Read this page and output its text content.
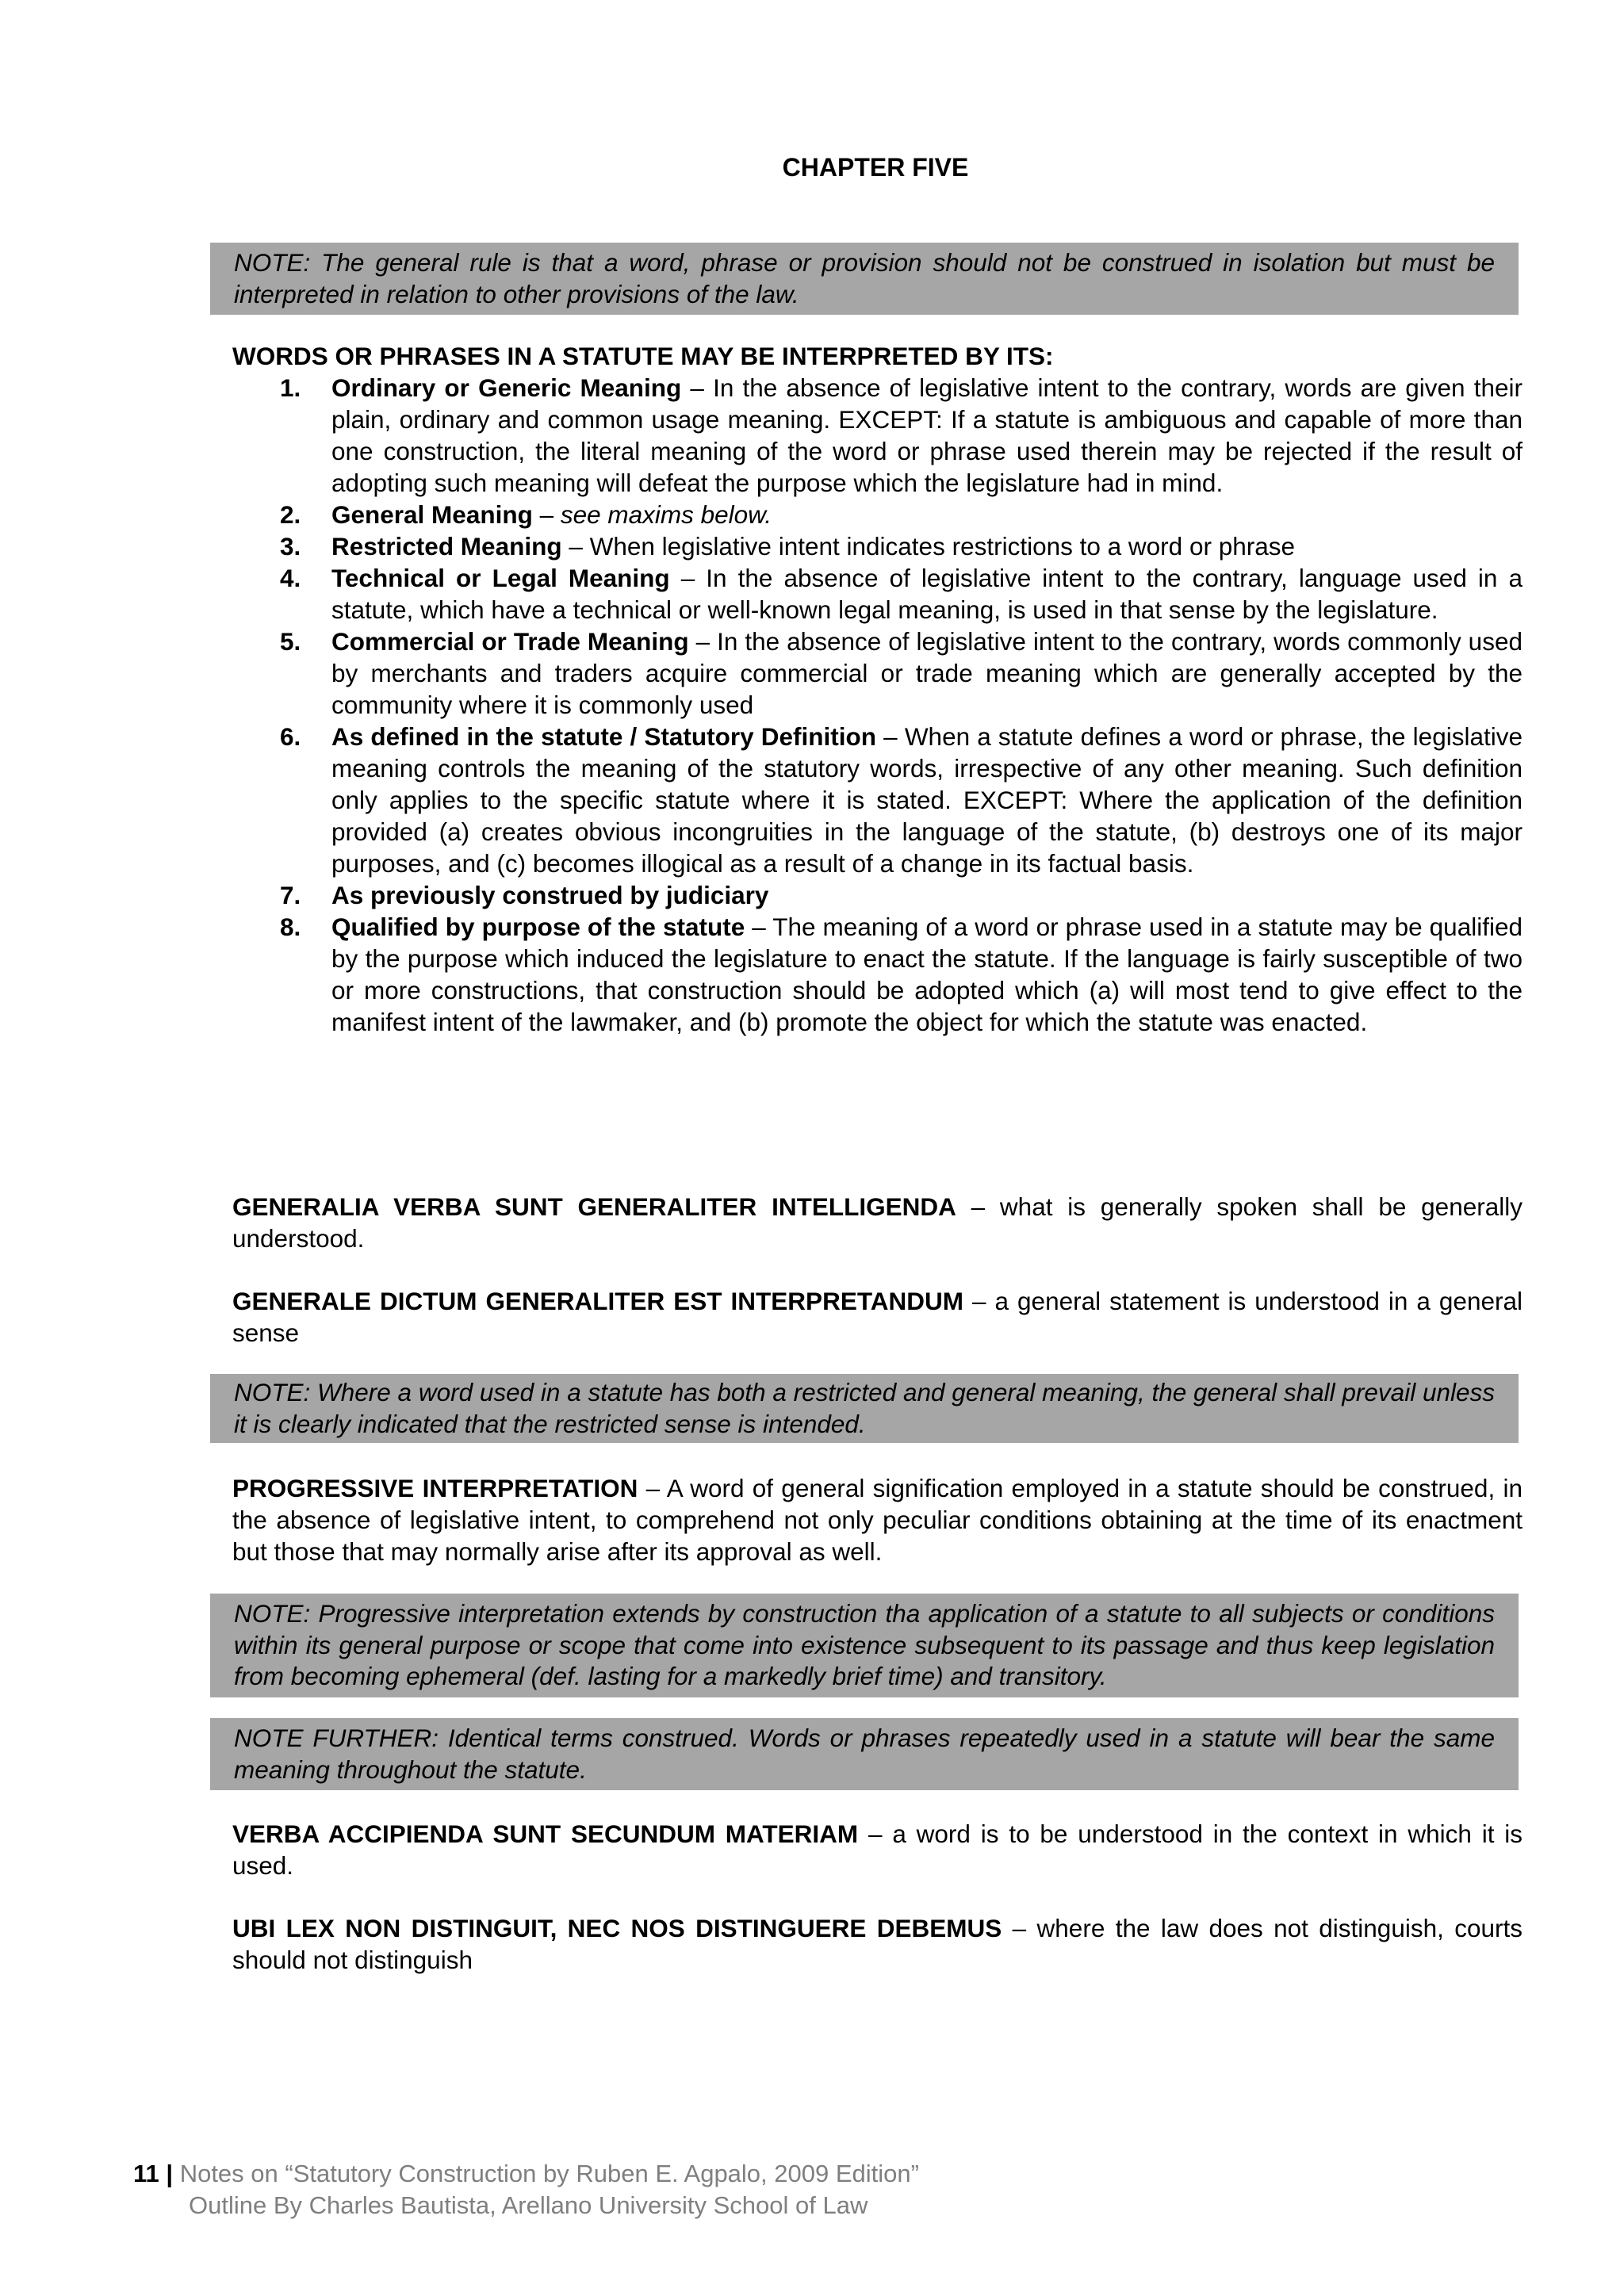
CHAPTER FIVE

NOTE: The general rule is that a word, phrase or provision should not be construed in isolation but must be interpreted in relation to other provisions of the law.

WORDS OR PHRASES IN A STATUTE MAY BE INTERPRETED BY ITS:
1. Ordinary or Generic Meaning – In the absence of legislative intent to the contrary, words are given their plain, ordinary and common usage meaning. EXCEPT: If a statute is ambiguous and capable of more than one construction, the literal meaning of the word or phrase used therein may be rejected if the result of adopting such meaning will defeat the purpose which the legislature had in mind.
2. General Meaning – see maxims below.
3. Restricted Meaning – When legislative intent indicates restrictions to a word or phrase
4. Technical or Legal Meaning – In the absence of legislative intent to the contrary, language used in a statute, which have a technical or well-known legal meaning, is used in that sense by the legislature.
5. Commercial or Trade Meaning – In the absence of legislative intent to the contrary, words commonly used by merchants and traders acquire commercial or trade meaning which are generally accepted by the community where it is commonly used
6. As defined in the statute / Statutory Definition – When a statute defines a word or phrase, the legislative meaning controls the meaning of the statutory words, irrespective of any other meaning. Such definition only applies to the specific statute where it is stated. EXCEPT: Where the application of the definition provided (a) creates obvious incongruities in the language of the statute, (b) destroys one of its major purposes, and (c) becomes illogical as a result of a change in its factual basis.
7. As previously construed by judiciary
8. Qualified by purpose of the statute – The meaning of a word or phrase used in a statute may be qualified by the purpose which induced the legislature to enact the statute. If the language is fairly susceptible of two or more constructions, that construction should be adopted which (a) will most tend to give effect to the manifest intent of the lawmaker, and (b) promote the object for which the statute was enacted.
GENERALIA VERBA SUNT GENERALITER INTELLIGENDA – what is generally spoken shall be generally understood.
GENERALE DICTUM GENERALITER EST INTERPRETANDUM – a general statement is understood in a general sense

NOTE: Where a word used in a statute has both a restricted and general meaning, the general shall prevail unless it is clearly indicated that the restricted sense is intended.

PROGRESSIVE INTERPRETATION – A word of general signification employed in a statute should be construed, in the absence of legislative intent, to comprehend not only peculiar conditions obtaining at the time of its enactment but those that may normally arise after its approval as well.

NOTE: Progressive interpretation extends by construction tha application of a statute to all subjects or conditions within its general purpose or scope that come into existence subsequent to its passage and thus keep legislation from becoming ephemeral (def. lasting for a markedly brief time) and transitory.

NOTE FURTHER: Identical terms construed. Words or phrases repeatedly used in a statute will bear the same meaning throughout the statute.

VERBA ACCIPIENDA SUNT SECUNDUM MATERIAM – a word is to be understood in the context in which it is used.
UBI LEX NON DISTINGUIT, NEC NOS DISTINGUERE DEBEMUS – where the law does not distinguish, courts should not distinguish
11 | Notes on “Statutory Construction by Ruben E. Agpalo, 2009 Edition”
Outline By Charles Bautista, Arellano University School of Law
